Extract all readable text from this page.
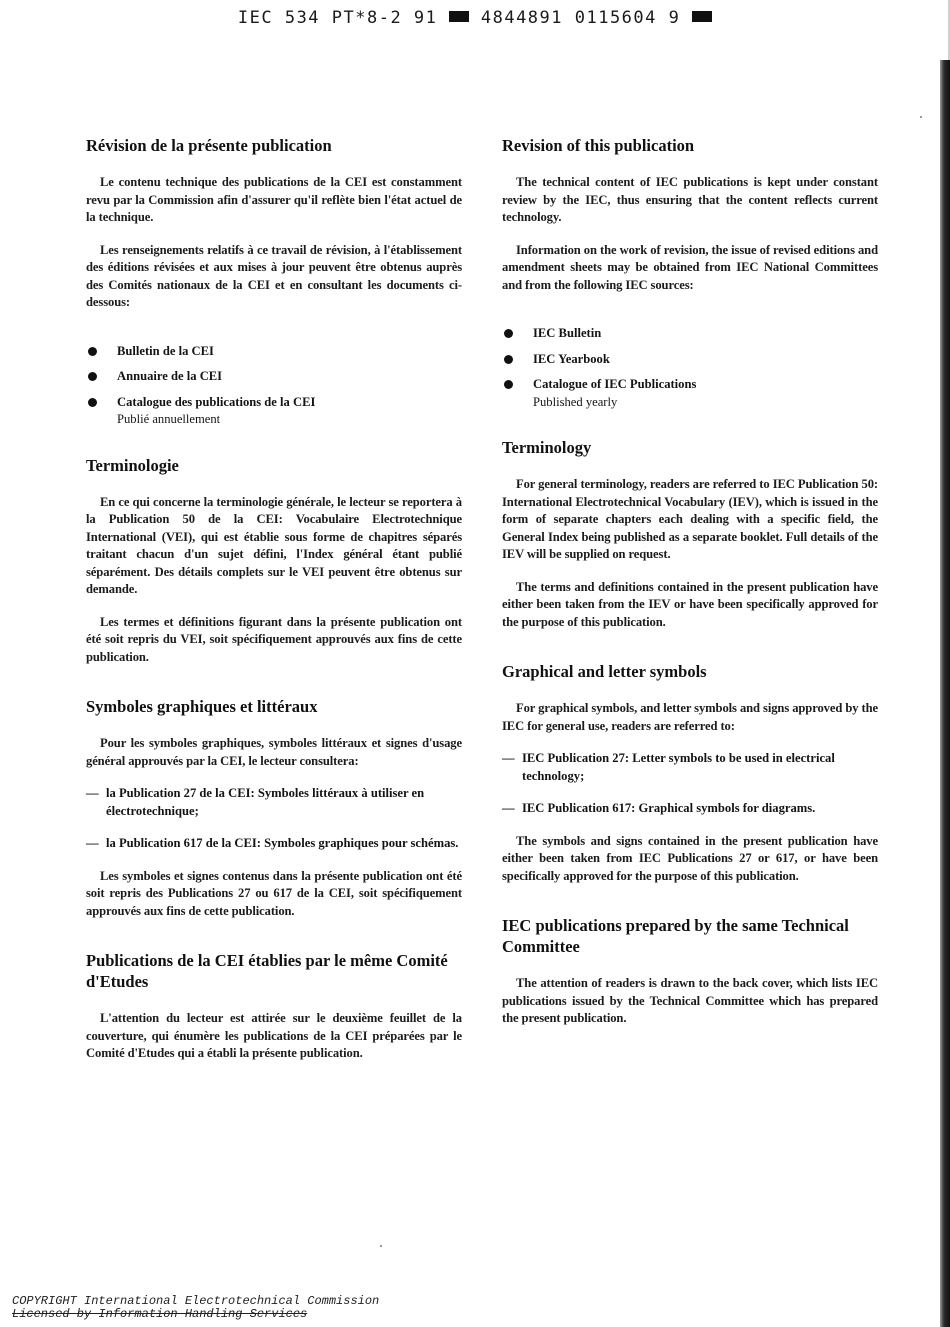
IEC 534 PT*8-2 91  4844891 0115604 9
Révision de la présente publication

Le contenu technique des publications de la CEI est constamment revu par la Commission afin d'assurer qu'il reflète bien l'état actuel de la technique.

Les renseignements relatifs à ce travail de révision, à l'établissement des éditions révisées et aux mises à jour peuvent être obtenus auprès des Comités nationaux de la CEI et en consultant les documents ci-dessous:

Bulletin de la CEI
Annuaire de la CEI
Catalogue des publications de la CEI
Publié annuellement
Terminologie

En ce qui concerne la terminologie générale, le lecteur se reportera à la Publication 50 de la CEI: Vocabulaire Electrotechnique International (VEI), qui est établie sous forme de chapitres séparés traitant chacun d'un sujet défini, l'Index général étant publié séparément. Des détails complets sur le VEI peuvent être obtenus sur demande.

Les termes et définitions figurant dans la présente publication ont été soit repris du VEI, soit spécifiquement approuvés aux fins de cette publication.

Symboles graphiques et littéraux

Pour les symboles graphiques, symboles littéraux et signes d'usage général approuvés par la CEI, le lecteur consultera:

— la Publication 27 de la CEI: Symboles littéraux à utiliser en électrotechnique;
— la Publication 617 de la CEI: Symboles graphiques pour schémas.

Les symboles et signes contenus dans la présente publication ont été soit repris des Publications 27 ou 617 de la CEI, soit spécifiquement approuvés aux fins de cette publication.

Publications de la CEI établies par le même Comité d'Etudes

L'attention du lecteur est attirée sur le deuxième feuillet de la couverture, qui énumère les publications de la CEI préparées par le Comité d'Etudes qui a établi la présente publication.

Revision of this publication

The technical content of IEC publications is kept under constant review by the IEC, thus ensuring that the content reflects current technology.

Information on the work of revision, the issue of revised editions and amendment sheets may be obtained from IEC National Committees and from the following IEC sources:

IEC Bulletin
IEC Yearbook
Catalogue of IEC Publications
Published yearly
Terminology

For general terminology, readers are referred to IEC Publication 50: International Electrotechnical Vocabulary (IEV), which is issued in the form of separate chapters each dealing with a specific field, the General Index being published as a separate booklet. Full details of the IEV will be supplied on request.

The terms and definitions contained in the present publication have either been taken from the IEV or have been specifically approved for the purpose of this publication.

Graphical and letter symbols

For graphical symbols, and letter symbols and signs approved by the IEC for general use, readers are referred to:

— IEC Publication 27: Letter symbols to be used in electrical technology;
— IEC Publication 617: Graphical symbols for diagrams.

The symbols and signs contained in the present publication have either been taken from IEC Publications 27 or 617, or have been specifically approved for the purpose of this publication.

IEC publications prepared by the same Technical Committee

The attention of readers is drawn to the back cover, which lists IEC publications issued by the Technical Committee which has prepared the present publication.

COPYRIGHT International Electrotechnical Commission
Licensed by Information Handling Services
